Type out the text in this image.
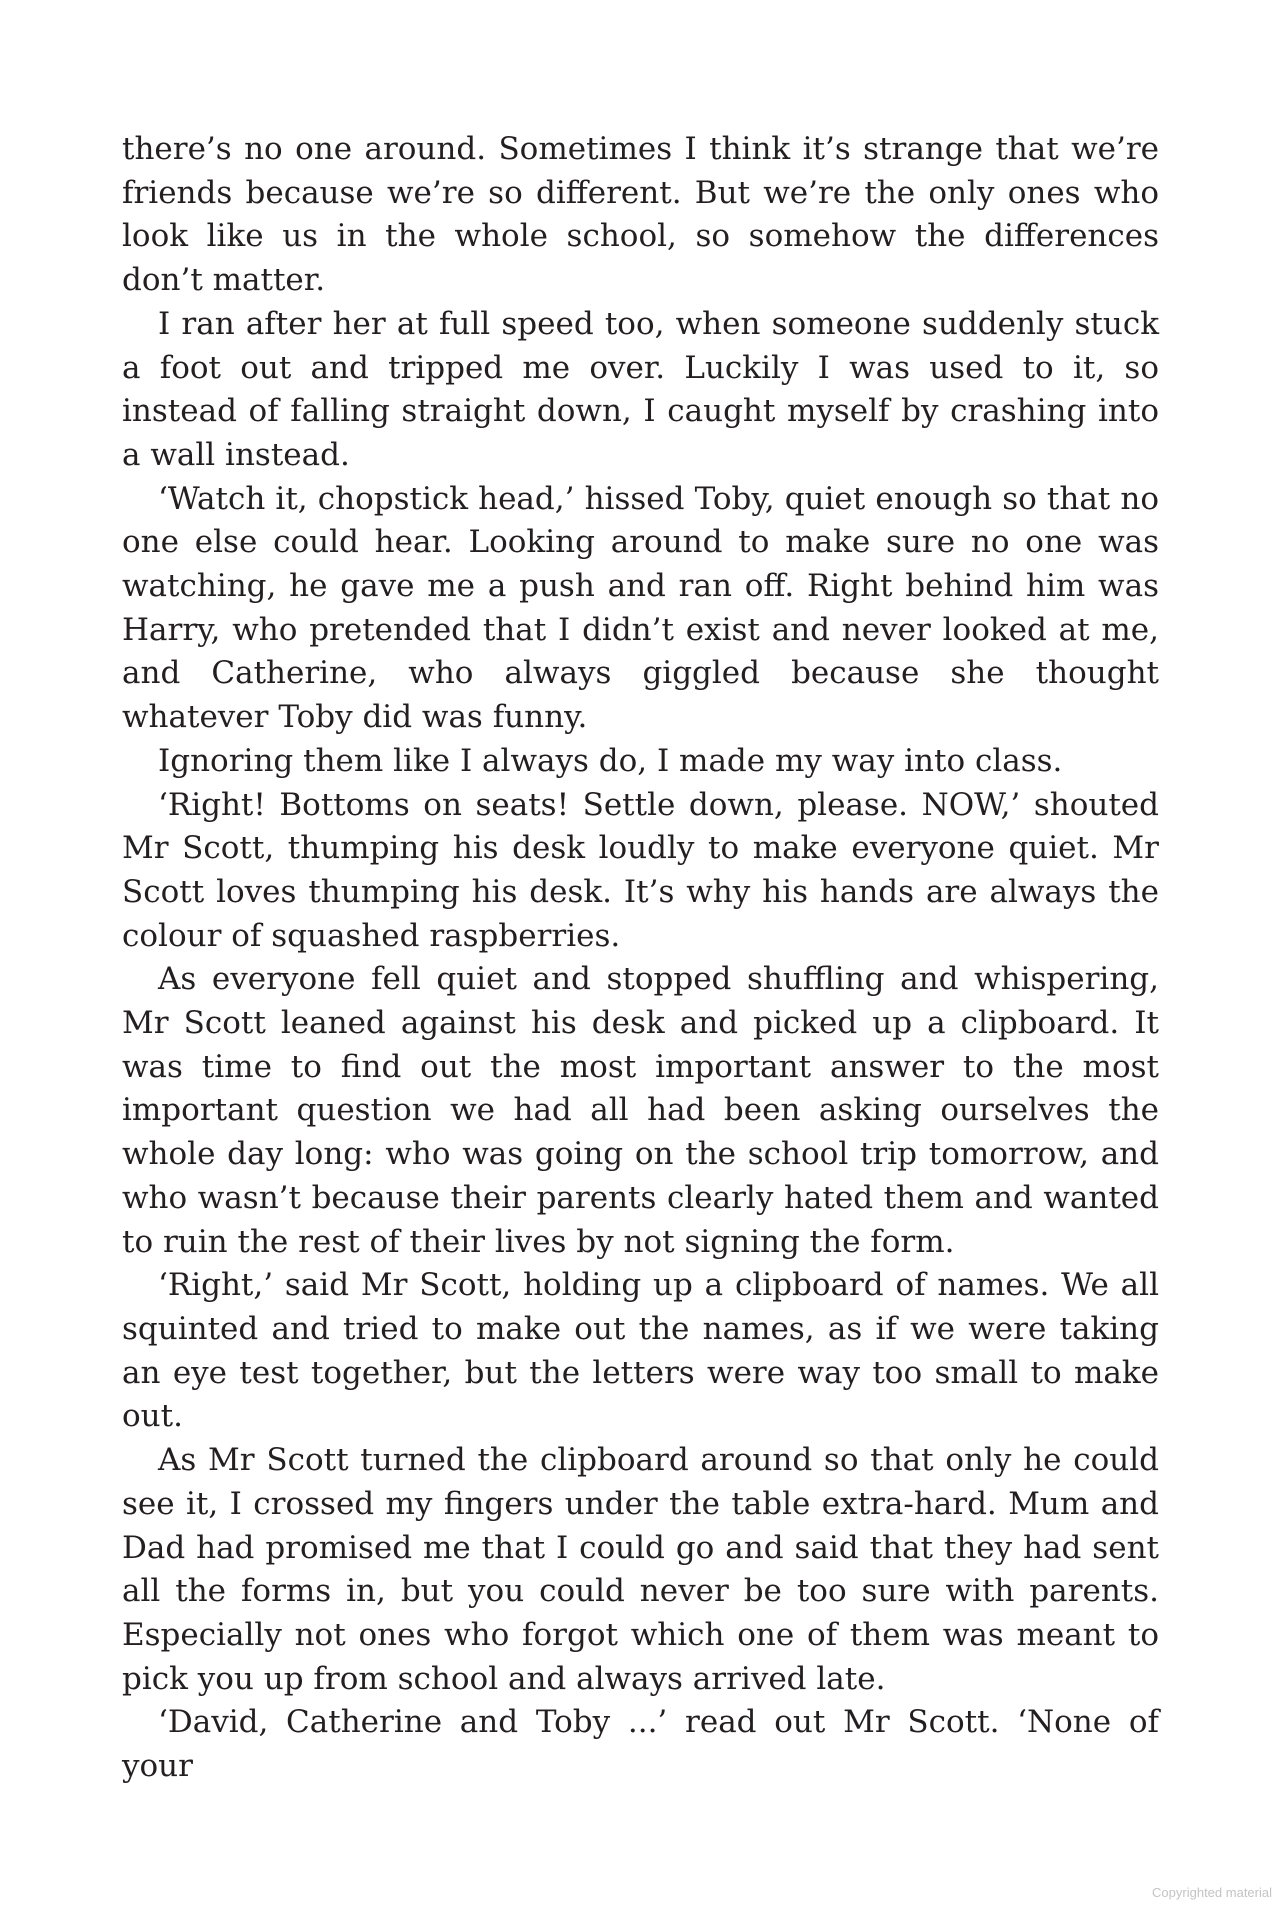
there’s no one around. Sometimes I think it’s strange that we’re friends because we’re so different. But we’re the only ones who look like us in the whole school, so somehow the differences don’t matter.

I ran after her at full speed too, when someone suddenly stuck a foot out and tripped me over. Luckily I was used to it, so instead of falling straight down, I caught myself by crashing into a wall instead.

‘Watch it, chopstick head,’ hissed Toby, quiet enough so that no one else could hear. Looking around to make sure no one was watching, he gave me a push and ran off. Right behind him was Harry, who pretended that I didn’t exist and never looked at me, and Catherine, who always giggled because she thought whatever Toby did was funny.

Ignoring them like I always do, I made my way into class.

‘Right! Bottoms on seats! Settle down, please. NOW,’ shouted Mr Scott, thumping his desk loudly to make everyone quiet. Mr Scott loves thumping his desk. It’s why his hands are always the colour of squashed raspberries.

As everyone fell quiet and stopped shuffling and whispering, Mr Scott leaned against his desk and picked up a clipboard. It was time to find out the most important answer to the most important question we had all had been asking ourselves the whole day long: who was going on the school trip tomorrow, and who wasn’t because their parents clearly hated them and wanted to ruin the rest of their lives by not signing the form.

‘Right,’ said Mr Scott, holding up a clipboard of names. We all squinted and tried to make out the names, as if we were taking an eye test together, but the letters were way too small to make out.

As Mr Scott turned the clipboard around so that only he could see it, I crossed my fingers under the table extra-hard. Mum and Dad had promised me that I could go and said that they had sent all the forms in, but you could never be too sure with parents. Especially not ones who forgot which one of them was meant to pick you up from school and always arrived late.

‘David, Catherine and Toby ...’ read out Mr Scott. ‘None of your

Copyrighted material
